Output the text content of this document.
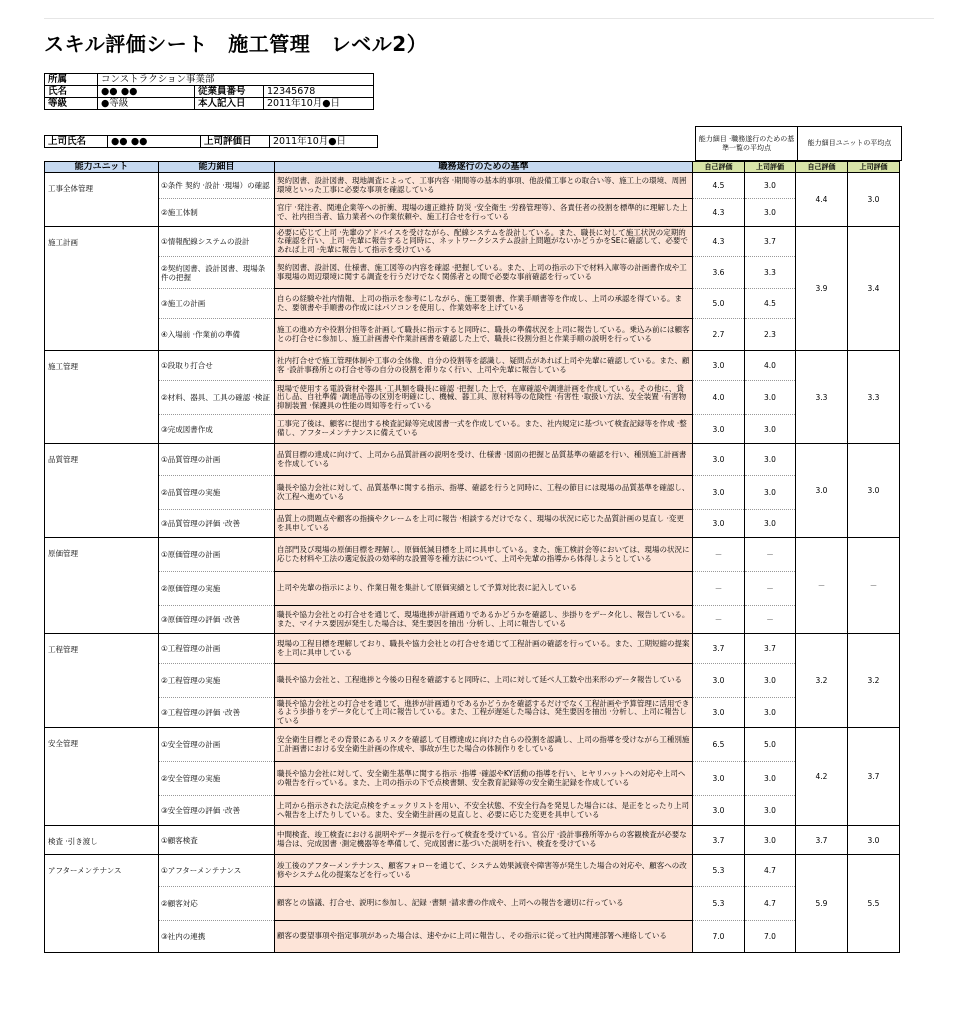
スキル評価シート　施工管理　レベル2）
所属	コンストラクション事業部		
氏名	●● ●●	従業員番号	12345678
等級	●等級	本人記入日	2011年10月●日
上司氏名	●● ●●	上司評価日	2011年10月●日	能力細目 ·職務遂行のための基準一覧の平均点	能力細目ユニットの平均点
能力ユニット	能力細目	職務遂行のための基準	自己評価	上司評価	自己評価	上司評価
工事全体管理	①条件 契約 ·設計 ·現場）の確認	契約図書、設計図書、現地調査によって、工事内容 ·期間等の基本的事項、他設備工事との取合い等、施工上の環境、周囲環境といった工事に必要な事項を確認している	4.5	3.0	4.4	3.0
	②施工体制	官庁 ·発注者、関連企業等への折衝、現場の適正維持 防災 ·安全衛生 ·労務管理等）、各責任者の役割を標準的に理解した上で、社内担当者、協力業者への作業依頼や、施工打合せを行っている	4.3	3.0		
施工計画	①情報配線システムの設計	必要に応じて上司 ·先輩のアドバイスを受けながら、配線システムを設計している。また、職長に対して施工状況の定期的な確認を行い、上司 ·先輩に報告すると同時に、ネットワークシステム設計上問題がないかどうかをSEに確認して、必要であれば上司 ·先輩に報告して指示を受けている	4.3	3.7	3.9	3.4
	②契約図書、設計図書、現場条件の把握	契約図書、設計図、仕様書、施工図等の内容を確認 ·把握している。また、上司の指示の下で材料入庫等の計画書作成や工事現場の周辺環境に関する調査を行うだけでなく関係者との間で必要な事前確認を行っている	3.6	3.3		
	③施工の計画	自らの経験や社内情報、上司の指示を参考にしながら、施工要領書、作業手順書等を作成し、上司の承認を得ている。また、要領書や手順書の作成にはパソコンを使用し、作業効率を上げている	5.0	4.5		
	④入場前 ·作業前の準備	施工の進め方や役割分担等を計画して職長に指示すると同時に、職長の準備状況を上司に報告している。乗込み前には顧客との打合せに参加し、施工計画書や作業計画書を確認した上で、職長に役割分担と作業手順の説明を行っている	2.7	2.3		
施工管理	①段取り打合せ	社内打合せで施工管理体制や工事の全体像、自分の役割等を認識し、疑問点があれば上司や先輩に確認している。また、顧客 ·設計事務所との打合せ等の自分の役割を滞りなく行い、上司や先輩に報告している	3.0	4.0	3.3	3.3
	②材料、器具、工具の確認 ·検証	現場で使用する電設資材や器具 ·工具類を職長に確認 ·把握した上で、在庫確認や調達計画を作成している。その他に、貸出し品、自社準備 ·調達品等の区別を明確にし、機械、器工具、原材料等の危険性 ·有害性 ·取扱い方法、安全装置 ·有害物抑制装置 ·保護具の性能の周知等を行っている	4.0	3.0		
	③完成図書作成	工事完了後は、顧客に提出する検査記録等完成図書一式を作成している。また、社内規定に基づいて検査記録等を作成 ·整備し、アフターメンテナンスに備えている	3.0	3.0		
品質管理	①品質管理の計画	品質目標の達成に向けて、上司から品質計画の説明を受け、仕様書 ·図面の把握と品質基準の確認を行い、種別施工計画書を作成している	3.0	3.0	3.0	3.0
	②品質管理の実施	職長や協力会社に対して、品質基準に関する指示、指導、確認を行うと同時に、工程の節目には現場の品質基準を確認し、次工程へ進めている	3.0	3.0		
	③品質管理の評価 ·改善	品質上の問題点や顧客の指摘やクレームを上司に報告 ·相談するだけでなく、現場の状況に応じた品質計画の見直し ·変更を具申している	3.0	3.0		
原価管理	①原価管理の計画	自部門及び現場の原価目標を理解し、原価低減目標を上司に具申している。また、施工検討会等においては、現場の状況に応じた材料や工法の選定仮設の効率的な設置等を種方法について、上司や先輩の指導から体得しようとしている	－	－	－	－
	②原価管理の実施	上司や先輩の指示により、作業日報を集計して原価実績として予算対比表に記入している	－	－		
	③原価管理の評価 ·改善	職長や協力会社との打合せを通じて、現場進捗が計画通りであるかどうかを確認し、歩掛りをデータ化し、報告している。また、マイナス要因が発生した場合は、発生要因を抽出 ·分析し、上司に報告している	－	－		
工程管理	①工程管理の計画	現場の工程目標を理解しており、職長や協力会社との打合せを通じて工程計画の確認を行っている。また、工期短縮の提案を上司に具申している	3.7	3.7	3.2	3.2
	②工程管理の実施	職長や協力会社と、工程進捗と今後の日程を確認すると同時に、上司に対して延べ人工数や出来形のデータ報告している	3.0	3.0		
	③工程管理の評価 ·改善	職長や協力会社との打合せを通じて、進捗が計画通りであるかどうかを確認するだけでなく工程計画や予算管理に活用できるよう歩掛りをデータ化して上司に報告している。また、工程が遅延した場合は、発生要因を抽出 ·分析し、上司に報告している	3.0	3.0		
安全管理	①安全管理の計画	安全衛生目標とその背景にあるリスクを確認して目標達成に向けた自らの役割を認識し、上司の指導を受けながら工種別施工計画書における安全衛生計画の作成や、事故が生じた場合の体制作りをしている	6.5	5.0	4.2	3.7
	②安全管理の実施	職長や協力会社に対して、安全衛生基準に関する指示 ·指導 ·確認やKY活動の指導を行い、ヒヤリハットへの対応や上司への報告を行っている。また、上司の指示の下で点検書類、安全教育記録等の安全衛生記録を作成している	3.0	3.0		
	③安全管理の評価 ·改善	上司から指示された法定点検をチェックリストを用い、不安全状態、不安全行為を発見した場合には、是正をとったり上司へ報告を上げたりしている。また、安全衛生計画の見直しと、必要に応じた変更を具申している	3.0	3.0		
検査 ·引き渡し	①顧客検査	中間検査、竣工検査における説明やデータ提示を行って検査を受けている。官公庁 ·設計事務所等からの客観検査が必要な場合は、完成図書 ·測定機器等を準備して、完成図書に基づいた説明を行い、検査を受けている	3.7	3.0	3.7	3.0
アフターメンテナンス	①アフターメンテナンス	竣工後のアフターメンテナンス、顧客フォローを通じて、システム効果減衰や障害等が発生した場合の対応や、顧客への改修やシステム化の提案などを行っている	5.3	4.7	5.9	5.5
	②顧客対応	顧客との協議、打合せ、説明に参加し、記録 ·書類 ·請求書の作成や、上司への報告を適切に行っている	5.3	4.7		
	③社内の連携	顧客の要望事項や指定事項があった場合は、速やかに上司に報告し、その指示に従って社内関連部署へ連絡している	7.0	7.0		
